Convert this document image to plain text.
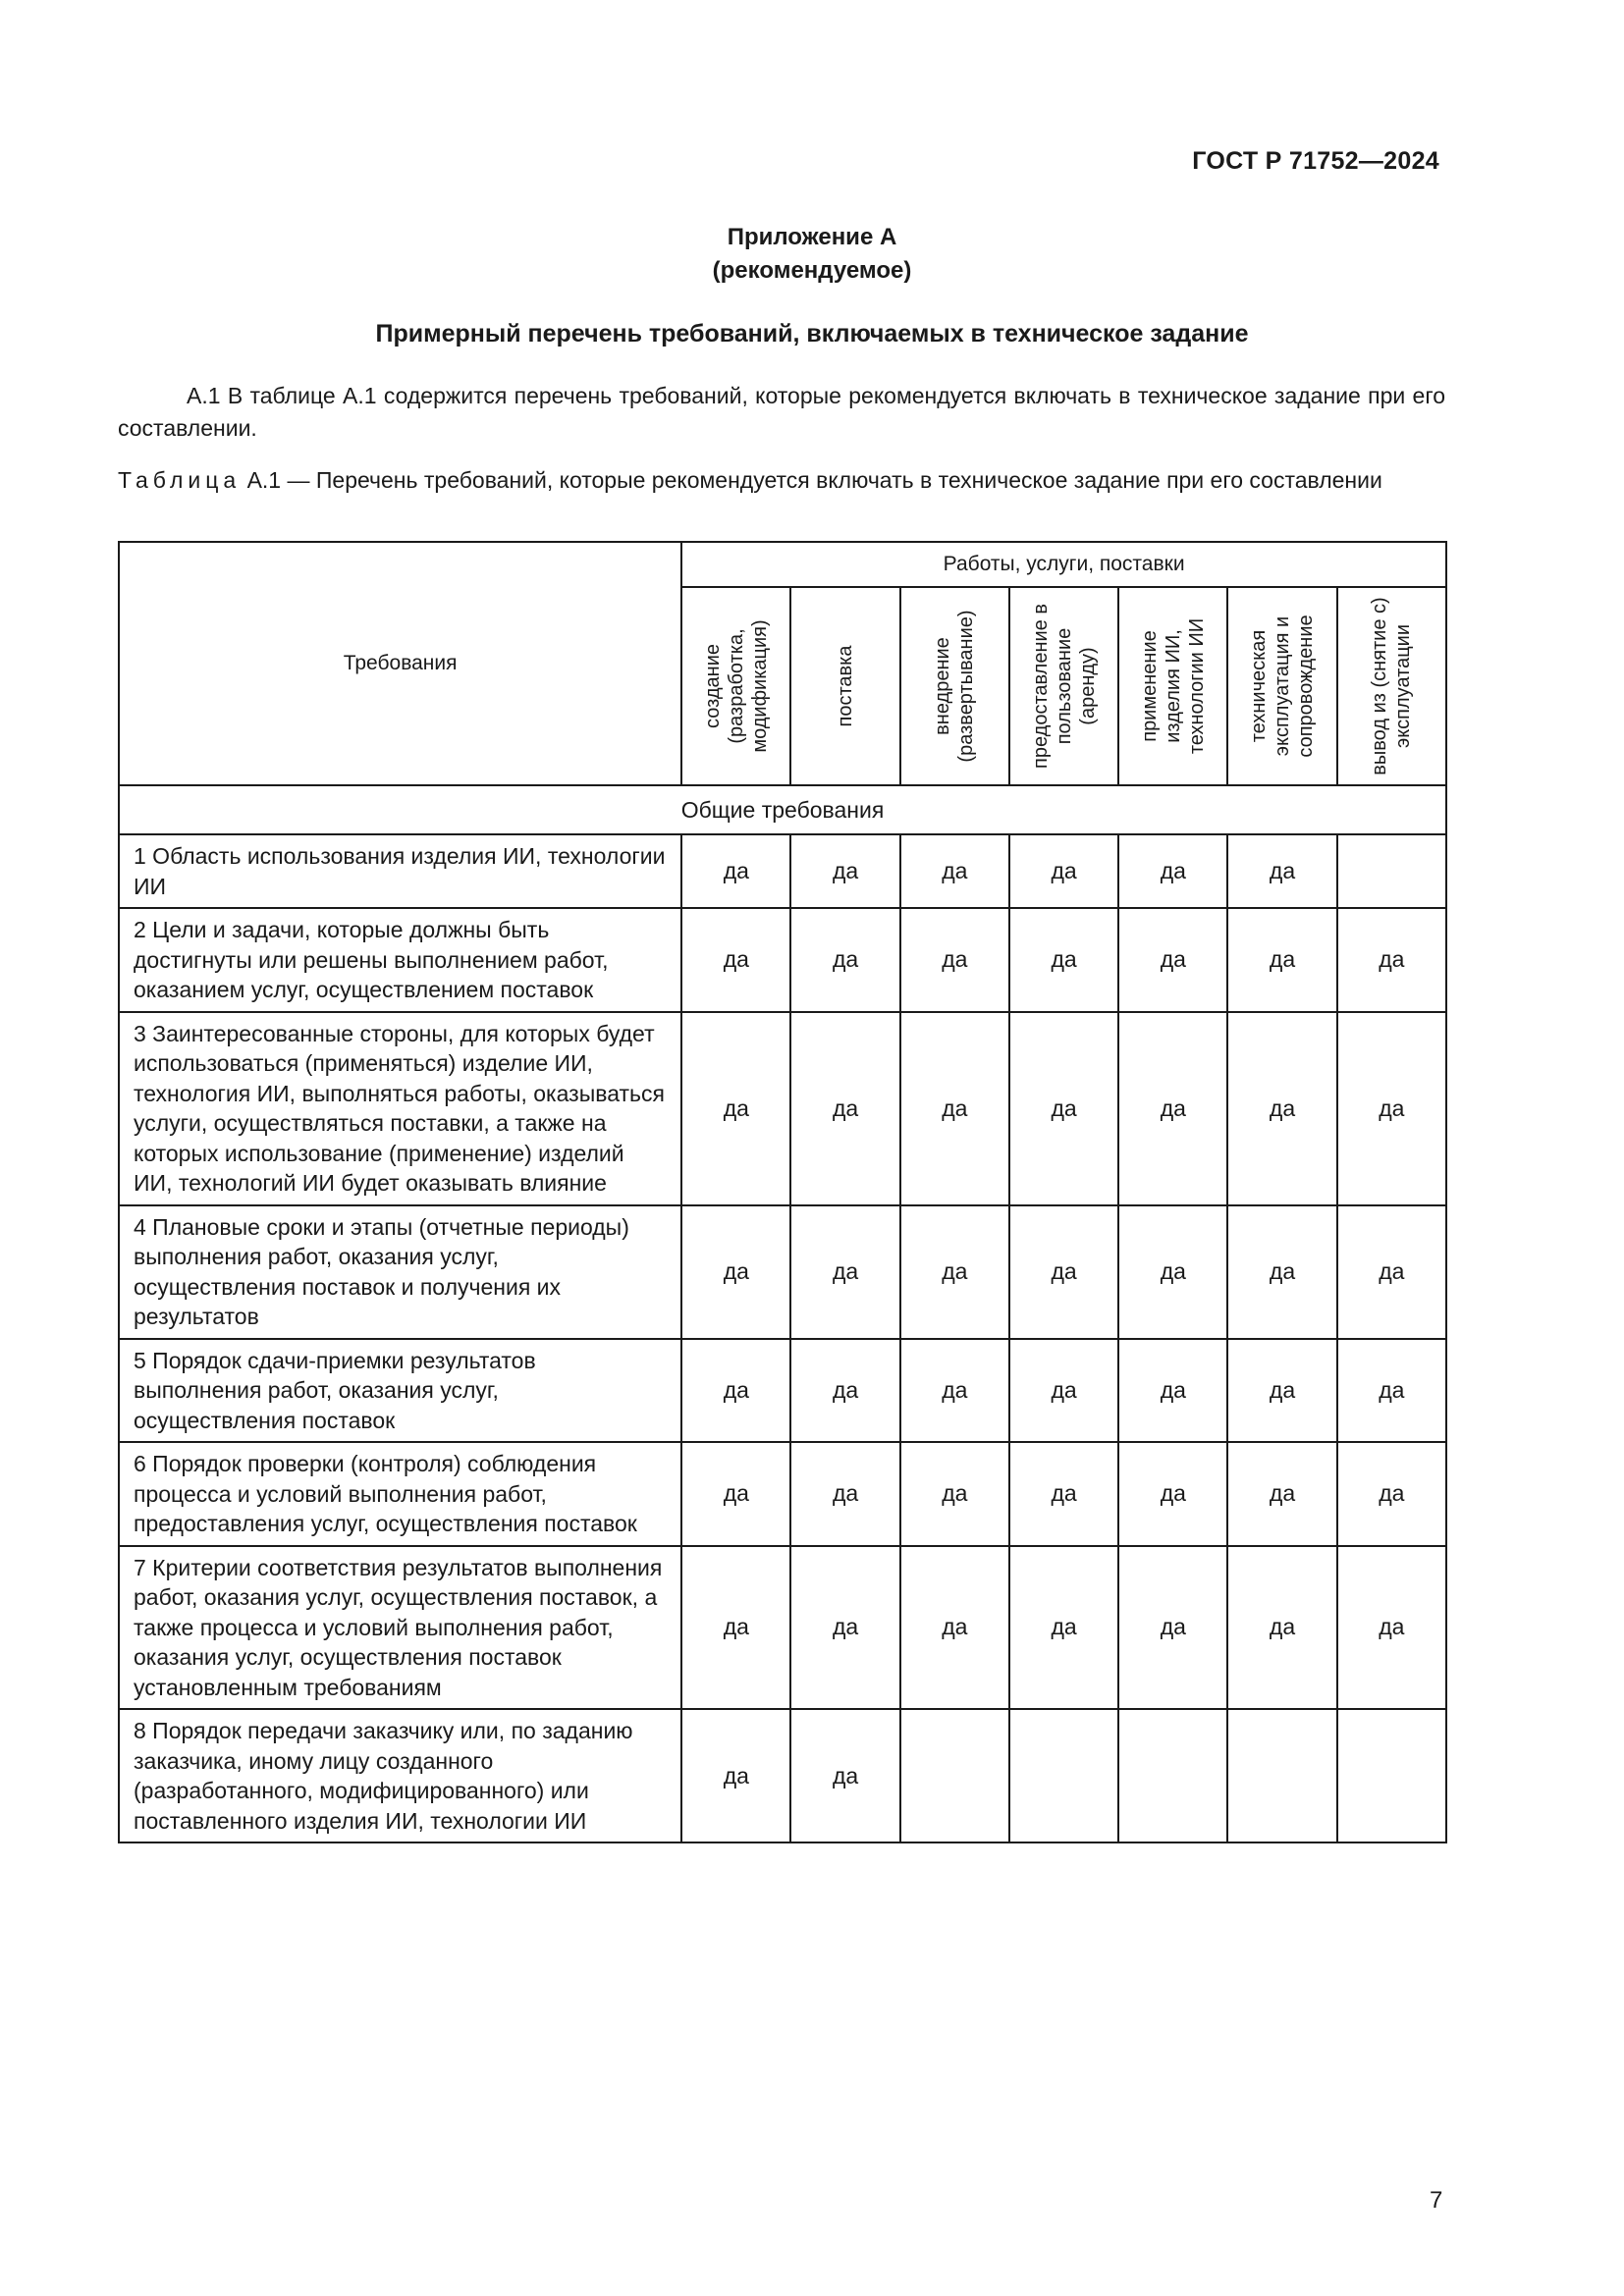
ГОСТ Р 71752—2024
Приложение А
(рекомендуемое)
Примерный перечень требований, включаемых в техническое задание
А.1 В таблице А.1 содержится перечень требований, которые рекомендуется включать в техническое задание при его составлении.
Таблица А.1 — Перечень требований, которые рекомендуется включать в техническое задание при его составлении
Требования	Работы, услуги, поставки						

	создание (разработка, модификация)	поставка	внедрение (развертывание)	предоставление в пользование (аренду)	применение изделия ИИ, технологии ИИ	техническая эксплуатация и сопровождение	вывод из (снятие с) эксплуатации

Общие требования							
1 Область использования изделия ИИ, технологии ИИ	да	да	да	да	да	да	
2 Цели и задачи, которые должны быть достигнуты или решены выполнением работ, оказанием услуг, осуществлением поставок	да	да	да	да	да	да	да
3 Заинтересованные стороны, для которых будет использоваться (применяться) изделие ИИ, технология ИИ, выполняться работы, оказываться услуги, осуществляться поставки, а также на которых использование (применение) изделий ИИ, технологий ИИ будет оказывать влияние	да	да	да	да	да	да	да
4 Плановые сроки и этапы (отчетные периоды) выполнения работ, оказания услуг, осуществления поставок и получения их результатов	да	да	да	да	да	да	да
5 Порядок сдачи-приемки результатов выполнения работ, оказания услуг, осуществления поставок	да	да	да	да	да	да	да
6 Порядок проверки (контроля) соблюдения процесса и условий выполнения работ, предоставления услуг, осуществления поставок	да	да	да	да	да	да	да
7 Критерии соответствия результатов выполнения работ, оказания услуг, осуществления поставок, а также процесса и условий выполнения работ, оказания услуг, осуществления поставок установленным требованиям	да	да	да	да	да	да	да
8 Порядок передачи заказчику или, по заданию заказчика, иному лицу созданного (разработанного, модифицированного) или поставленного изделия ИИ, технологии ИИ	да	да					
7
